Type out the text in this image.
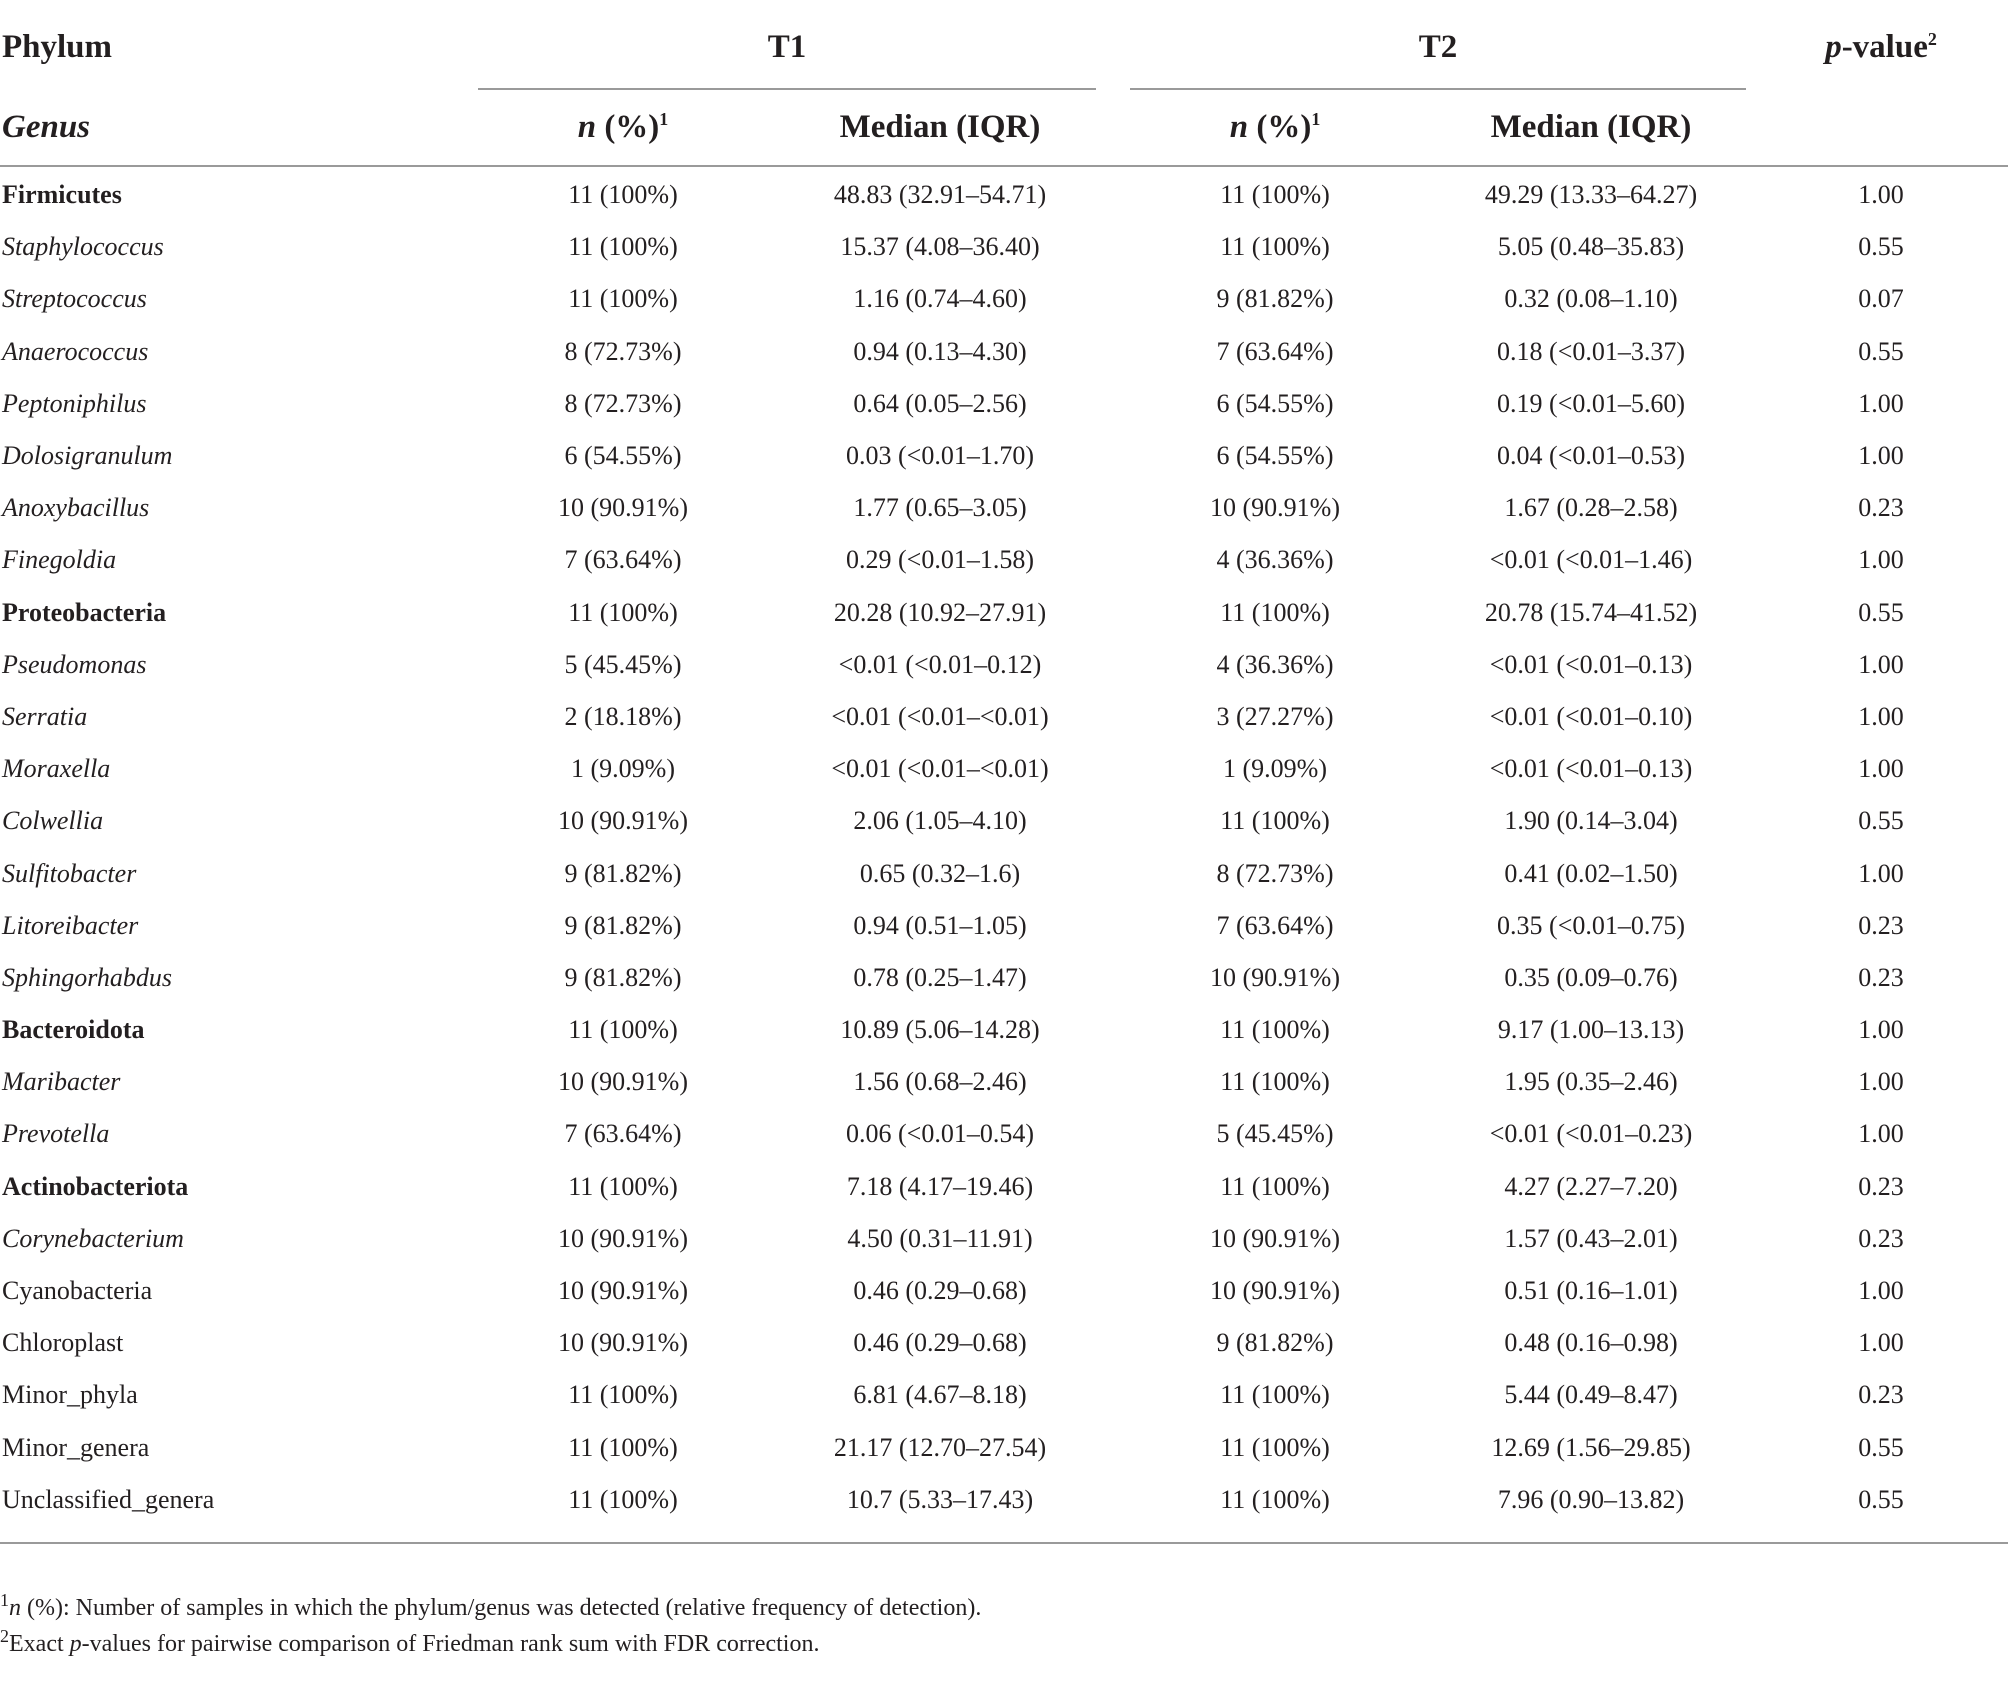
Phylum	T1			T2		p-value$^2$
Genus	n (%)$^1$	Median (IQR)		n (%)$^1$	Median (IQR)	
Firmicutes	11 (100%)	48.83 (32.91–54.71)		11 (100%)	49.29 (13.33–64.27)	1.00
Staphylococcus	11 (100%)	15.37 (4.08–36.40)		11 (100%)	5.05 (0.48–35.83)	0.55
Streptococcus	11 (100%)	1.16 (0.74–4.60)		9 (81.82%)	0.32 (0.08–1.10)	0.07
Anaerococcus	8 (72.73%)	0.94 (0.13–4.30)		7 (63.64%)	0.18 (<0.01–3.37)	0.55
Peptoniphilus	8 (72.73%)	0.64 (0.05–2.56)		6 (54.55%)	0.19 (<0.01–5.60)	1.00
Dolosigranulum	6 (54.55%)	0.03 (<0.01–1.70)		6 (54.55%)	0.04 (<0.01–0.53)	1.00
Anoxybacillus	10 (90.91%)	1.77 (0.65–3.05)		10 (90.91%)	1.67 (0.28–2.58)	0.23
Finegoldia	7 (63.64%)	0.29 (<0.01–1.58)		4 (36.36%)	<0.01 (<0.01–1.46)	1.00
Proteobacteria	11 (100%)	20.28 (10.92–27.91)		11 (100%)	20.78 (15.74–41.52)	0.55
Pseudomonas	5 (45.45%)	<0.01 (<0.01–0.12)		4 (36.36%)	<0.01 (<0.01–0.13)	1.00
Serratia	2 (18.18%)	<0.01 (<0.01–<0.01)		3 (27.27%)	<0.01 (<0.01–0.10)	1.00
Moraxella	1 (9.09%)	<0.01 (<0.01–<0.01)		1 (9.09%)	<0.01 (<0.01–0.13)	1.00
Colwellia	10 (90.91%)	2.06 (1.05–4.10)		11 (100%)	1.90 (0.14–3.04)	0.55
Sulfitobacter	9 (81.82%)	0.65 (0.32–1.6)		8 (72.73%)	0.41 (0.02–1.50)	1.00
Litoreibacter	9 (81.82%)	0.94 (0.51–1.05)		7 (63.64%)	0.35 (<0.01–0.75)	0.23
Sphingorhabdus	9 (81.82%)	0.78 (0.25–1.47)		10 (90.91%)	0.35 (0.09–0.76)	0.23
Bacteroidota	11 (100%)	10.89 (5.06–14.28)		11 (100%)	9.17 (1.00–13.13)	1.00
Maribacter	10 (90.91%)	1.56 (0.68–2.46)		11 (100%)	1.95 (0.35–2.46)	1.00
Prevotella	7 (63.64%)	0.06 (<0.01–0.54)		5 (45.45%)	<0.01 (<0.01–0.23)	1.00
Actinobacteriota	11 (100%)	7.18 (4.17–19.46)		11 (100%)	4.27 (2.27–7.20)	0.23
Corynebacterium	10 (90.91%)	4.50 (0.31–11.91)		10 (90.91%)	1.57 (0.43–2.01)	0.23
Cyanobacteria	10 (90.91%)	0.46 (0.29–0.68)		10 (90.91%)	0.51 (0.16–1.01)	1.00
Chloroplast	10 (90.91%)	0.46 (0.29–0.68)		9 (81.82%)	0.48 (0.16–0.98)	1.00
Minor_phyla	11 (100%)	6.81 (4.67–8.18)		11 (100%)	5.44 (0.49–8.47)	0.23
Minor_genera	11 (100%)	21.17 (12.70–27.54)		11 (100%)	12.69 (1.56–29.85)	0.55
Unclassified_genera	11 (100%)	10.7 (5.33–17.43)		11 (100%)	7.96 (0.90–13.82)	0.55

$^1$n (%): Number of samples in which the phylum/genus was detected (relative frequency of detection).

$^2$Exact p-values for pairwise comparison of Friedman rank sum with FDR correction.
